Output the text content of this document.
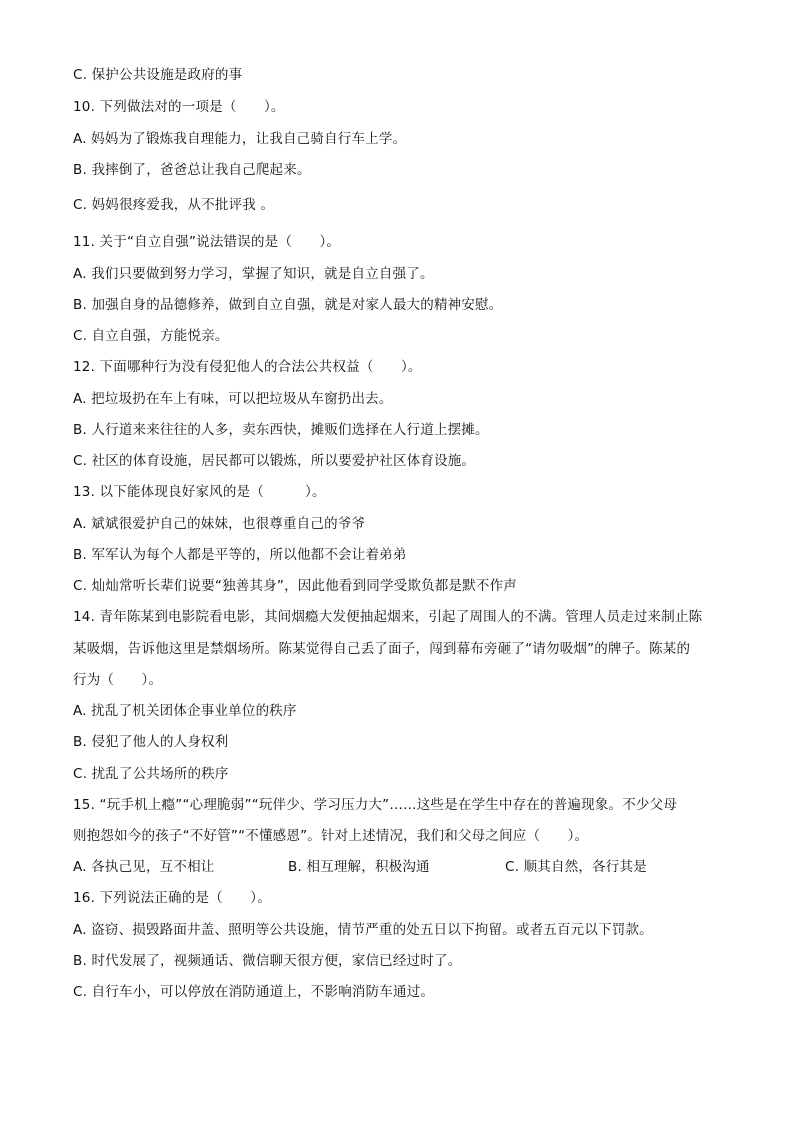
C. 保护公共设施是政府的事
10. 下列做法对的一项是（　　）。
A. 妈妈为了锻炼我自理能力，让我自己骑自行车上学。
B. 我摔倒了，爸爸总让我自己爬起来。
C. 妈妈很疼爱我，从不批评我 。
11. 关于“自立自强”说法错误的是（　　）。
A. 我们只要做到努力学习，掌握了知识，就是自立自强了。
B. 加强自身的品德修养，做到自立自强，就是对家人最大的精神安慰。
C. 自立自强，方能悦亲。
12. 下面哪种行为没有侵犯他人的合法公共权益（　　）。
A. 把垃圾扔在车上有味，可以把垃圾从车窗扔出去。
B. 人行道来来往往的人多，卖东西快，摊贩们选择在人行道上摆摊。
C. 社区的体育设施，居民都可以锻炼，所以要爱护社区体育设施。
13. 以下能体现良好家风的是（　　　）。
A. 斌斌很爱护自己的妹妹，也很尊重自己的爷爷
B. 军军认为每个人都是平等的，所以他都不会让着弟弟
C. 灿灿常听长辈们说要“独善其身”，因此他看到同学受欺负都是默不作声
14. 青年陈某到电影院看电影，其间烟瘾大发便抽起烟来，引起了周围人的不满。管理人员走过来制止陈
某吸烟，告诉他这里是禁烟场所。陈某觉得自己丢了面子，闯到幕布旁砸了“请勿吸烟”的牌子。陈某的
行为（　　）。
A. 扰乱了机关团体企事业单位的秩序
B. 侵犯了他人的人身权利
C. 扰乱了公共场所的秩序
15. “玩手机上瘾”“心理脆弱”“玩伴少、学习压力大”……这些是在学生中存在的普遍现象。不少父母
则抱怨如今的孩子“不好管”“不懂感恩”。针对上述情况，我们和父母之间应（　　）。
A. 各执己见，互不相让	B. 相互理解，积极沟通	C. 顺其自然，各行其是
16. 下列说法正确的是（　　）。
A. 盗窃、损毁路面井盖、照明等公共设施，情节严重的处五日以下拘留。或者五百元以下罚款。
B. 时代发展了，视频通话、微信聊天很方便，家信已经过时了。
C. 自行车小，可以停放在消防通道上，不影响消防车通过。
